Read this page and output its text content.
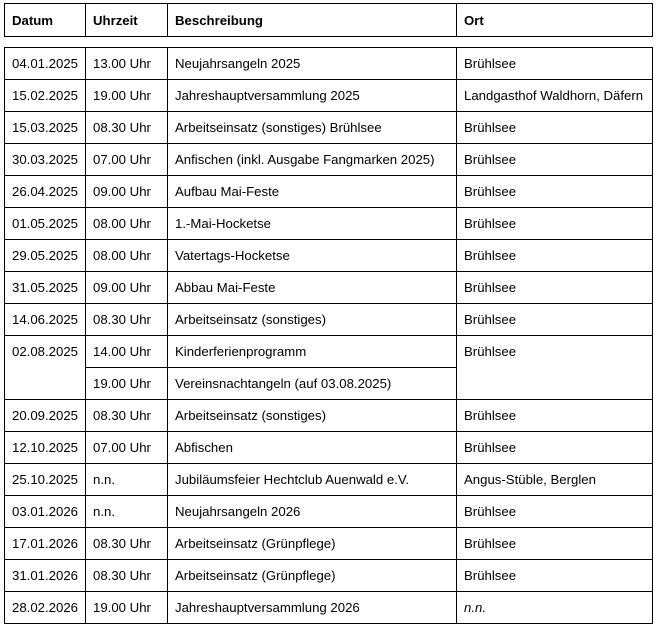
Datum	Uhrzeit	Beschreibung	Ort
04.01.2025	13.00 Uhr	Neujahrsangeln 2025	Brühlsee
15.02.2025	19.00 Uhr	Jahreshauptversammlung 2025	Landgasthof Waldhorn, Däfern
15.03.2025	08.30 Uhr	Arbeitseinsatz (sonstiges) Brühlsee	Brühlsee
30.03.2025	07.00 Uhr	Anfischen (inkl. Ausgabe Fangmarken 2025)	Brühlsee
26.04.2025	09.00 Uhr	Aufbau Mai-Feste	Brühlsee
01.05.2025	08.00 Uhr	1.-Mai-Hocketse	Brühlsee
29.05.2025	08.00 Uhr	Vatertags-Hocketse	Brühlsee
31.05.2025	09.00 Uhr	Abbau Mai-Feste	Brühlsee
14.06.2025	08.30 Uhr	Arbeitseinsatz (sonstiges)	Brühlsee
02.08.2025	14.00 Uhr	Kinderferienprogramm	Brühlsee
	19.00 Uhr	Vereinsnachtangeln (auf 03.08.2025)	
20.09.2025	08.30 Uhr	Arbeitseinsatz (sonstiges)	Brühlsee
12.10.2025	07.00 Uhr	Abfischen	Brühlsee
25.10.2025	n.n.	Jubiläumsfeier Hechtclub Auenwald e.V.	Angus-Stüble, Berglen
03.01.2026	n.n.	Neujahrsangeln 2026	Brühlsee
17.01.2026	08.30 Uhr	Arbeitseinsatz (Grünpflege)	Brühlsee
31.01.2026	08.30 Uhr	Arbeitseinsatz (Grünpflege)	Brühlsee
28.02.2026	19.00 Uhr	Jahreshauptversammlung 2026	n.n.
